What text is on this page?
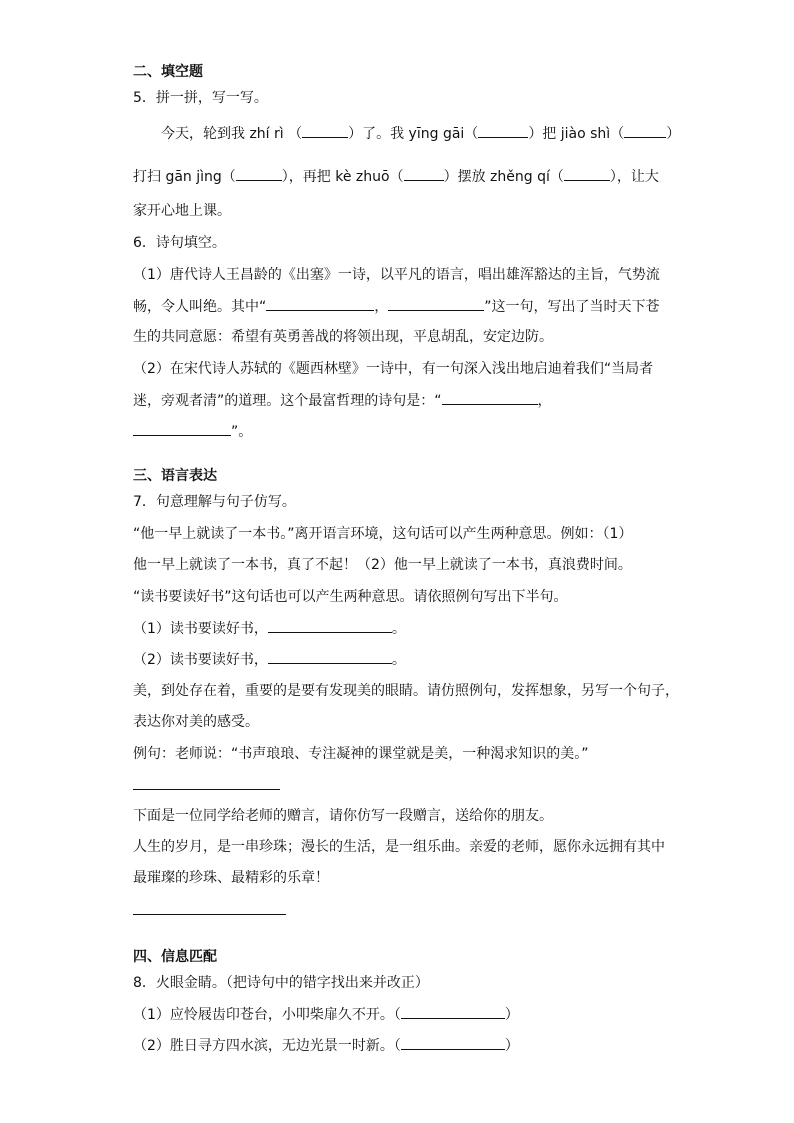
二、填空题
5．拼一拼，写一写。
今天，轮到我 zhí rì （	）了。我 yīng gāi（	）把 jiào shì（	）
打扫 gān jìng（	），再把 kè zhuō（	）摆放 zhěng qí（	），让大
家开心地上课。
6．诗句填空。
（1）唐代诗人王昌龄的《出塞》一诗，以平凡的语言，唱出雄浑豁达的主旨，气势流
畅，令人叫绝。其中“	，	”这一句，写出了当时天下苍
生的共同意愿：希望有英勇善战的将领出现，平息胡乱，安定边防。
（2）在宋代诗人苏轼的《题西林壁》一诗中，有一句深入浅出地启迪着我们“当局者
迷，旁观者清”的道理。这个最富哲理的诗句是：“	，
”。
三、语言表达
7．句意理解与句子仿写。
“他一早上就读了一本书。”离开语言环境，这句话可以产生两种意思。例如：（1）
他一早上就读了一本书，真了不起！（2）他一早上就读了一本书，真浪费时间。
“读书要读好书”这句话也可以产生两种意思。请依照例句写出下半句。
（1）读书要读好书，	。
（2）读书要读好书，	。
美，到处存在着，重要的是要有发现美的眼睛。请仿照例句，发挥想象，另写一个句子，
表达你对美的感受。
例句：老师说：“书声琅琅、专注凝神的课堂就是美，一种渴求知识的美。”
下面是一位同学给老师的赠言，请你仿写一段赠言，送给你的朋友。
人生的岁月，是一串珍珠；漫长的生活，是一组乐曲。亲爱的老师，愿你永远拥有其中
最璀璨的珍珠、最精彩的乐章！
四、信息匹配
8．火眼金睛。（把诗句中的错字找出来并改正）
（1）应怜屐齿印苍台，小叩柴扉久不开。（	）
（2）胜日寻方四水滨，无边光景一时新。（	）
